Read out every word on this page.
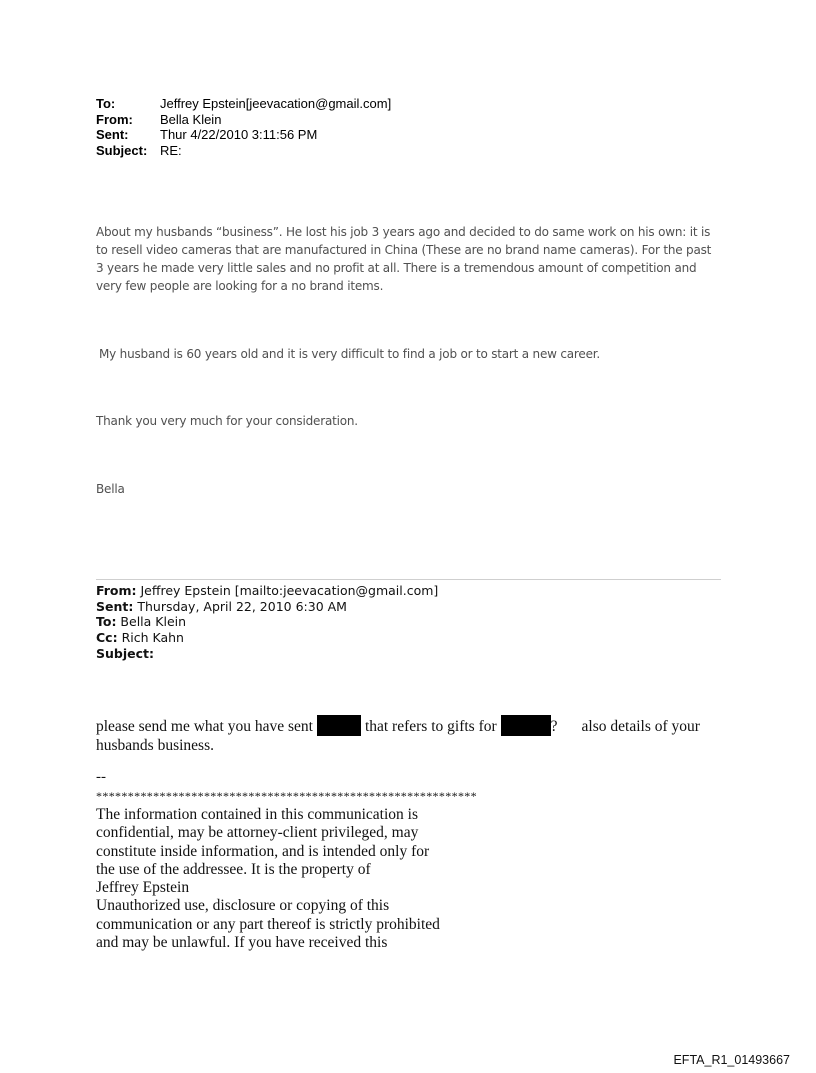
To:	Jeffrey Epstein[jeevacation@gmail.com]
From:	Bella Klein
Sent:	Thur 4/22/2010 3:11:56 PM
Subject: RE:
About my husbands “business”. He lost his job 3 years ago and decided to do same work on his own: it is
to resell video cameras that are manufactured in China (These are no brand name cameras). For the past
3 years he made very little sales and no profit at all. There is a tremendous amount of competition and
very few people are looking for a no brand items.
My husband is 60 years old and it is very difficult to find a job or to start a new career.
Thank you very much for your consideration.
Bella
From: Jeffrey Epstein [mailto:jeevacation@gmail.com]
Sent: Thursday, April 22, 2010 6:30 AM
To: Bella Klein
Cc: Rich Kahn
Subject:
please send me what you have sent	that refers to gifts for	? also details of your
husbands business.
--
************************************************************
The information contained in this communication is
confidential, may be attorney-client privileged, may
constitute inside information, and is intended only for
the use of the addressee. It is the property of
Jeffrey Epstein
Unauthorized use, disclosure or copying of this
communication or any part thereof is strictly prohibited
and may be unlawful. If you have received this
EFTA_R1_01493667
